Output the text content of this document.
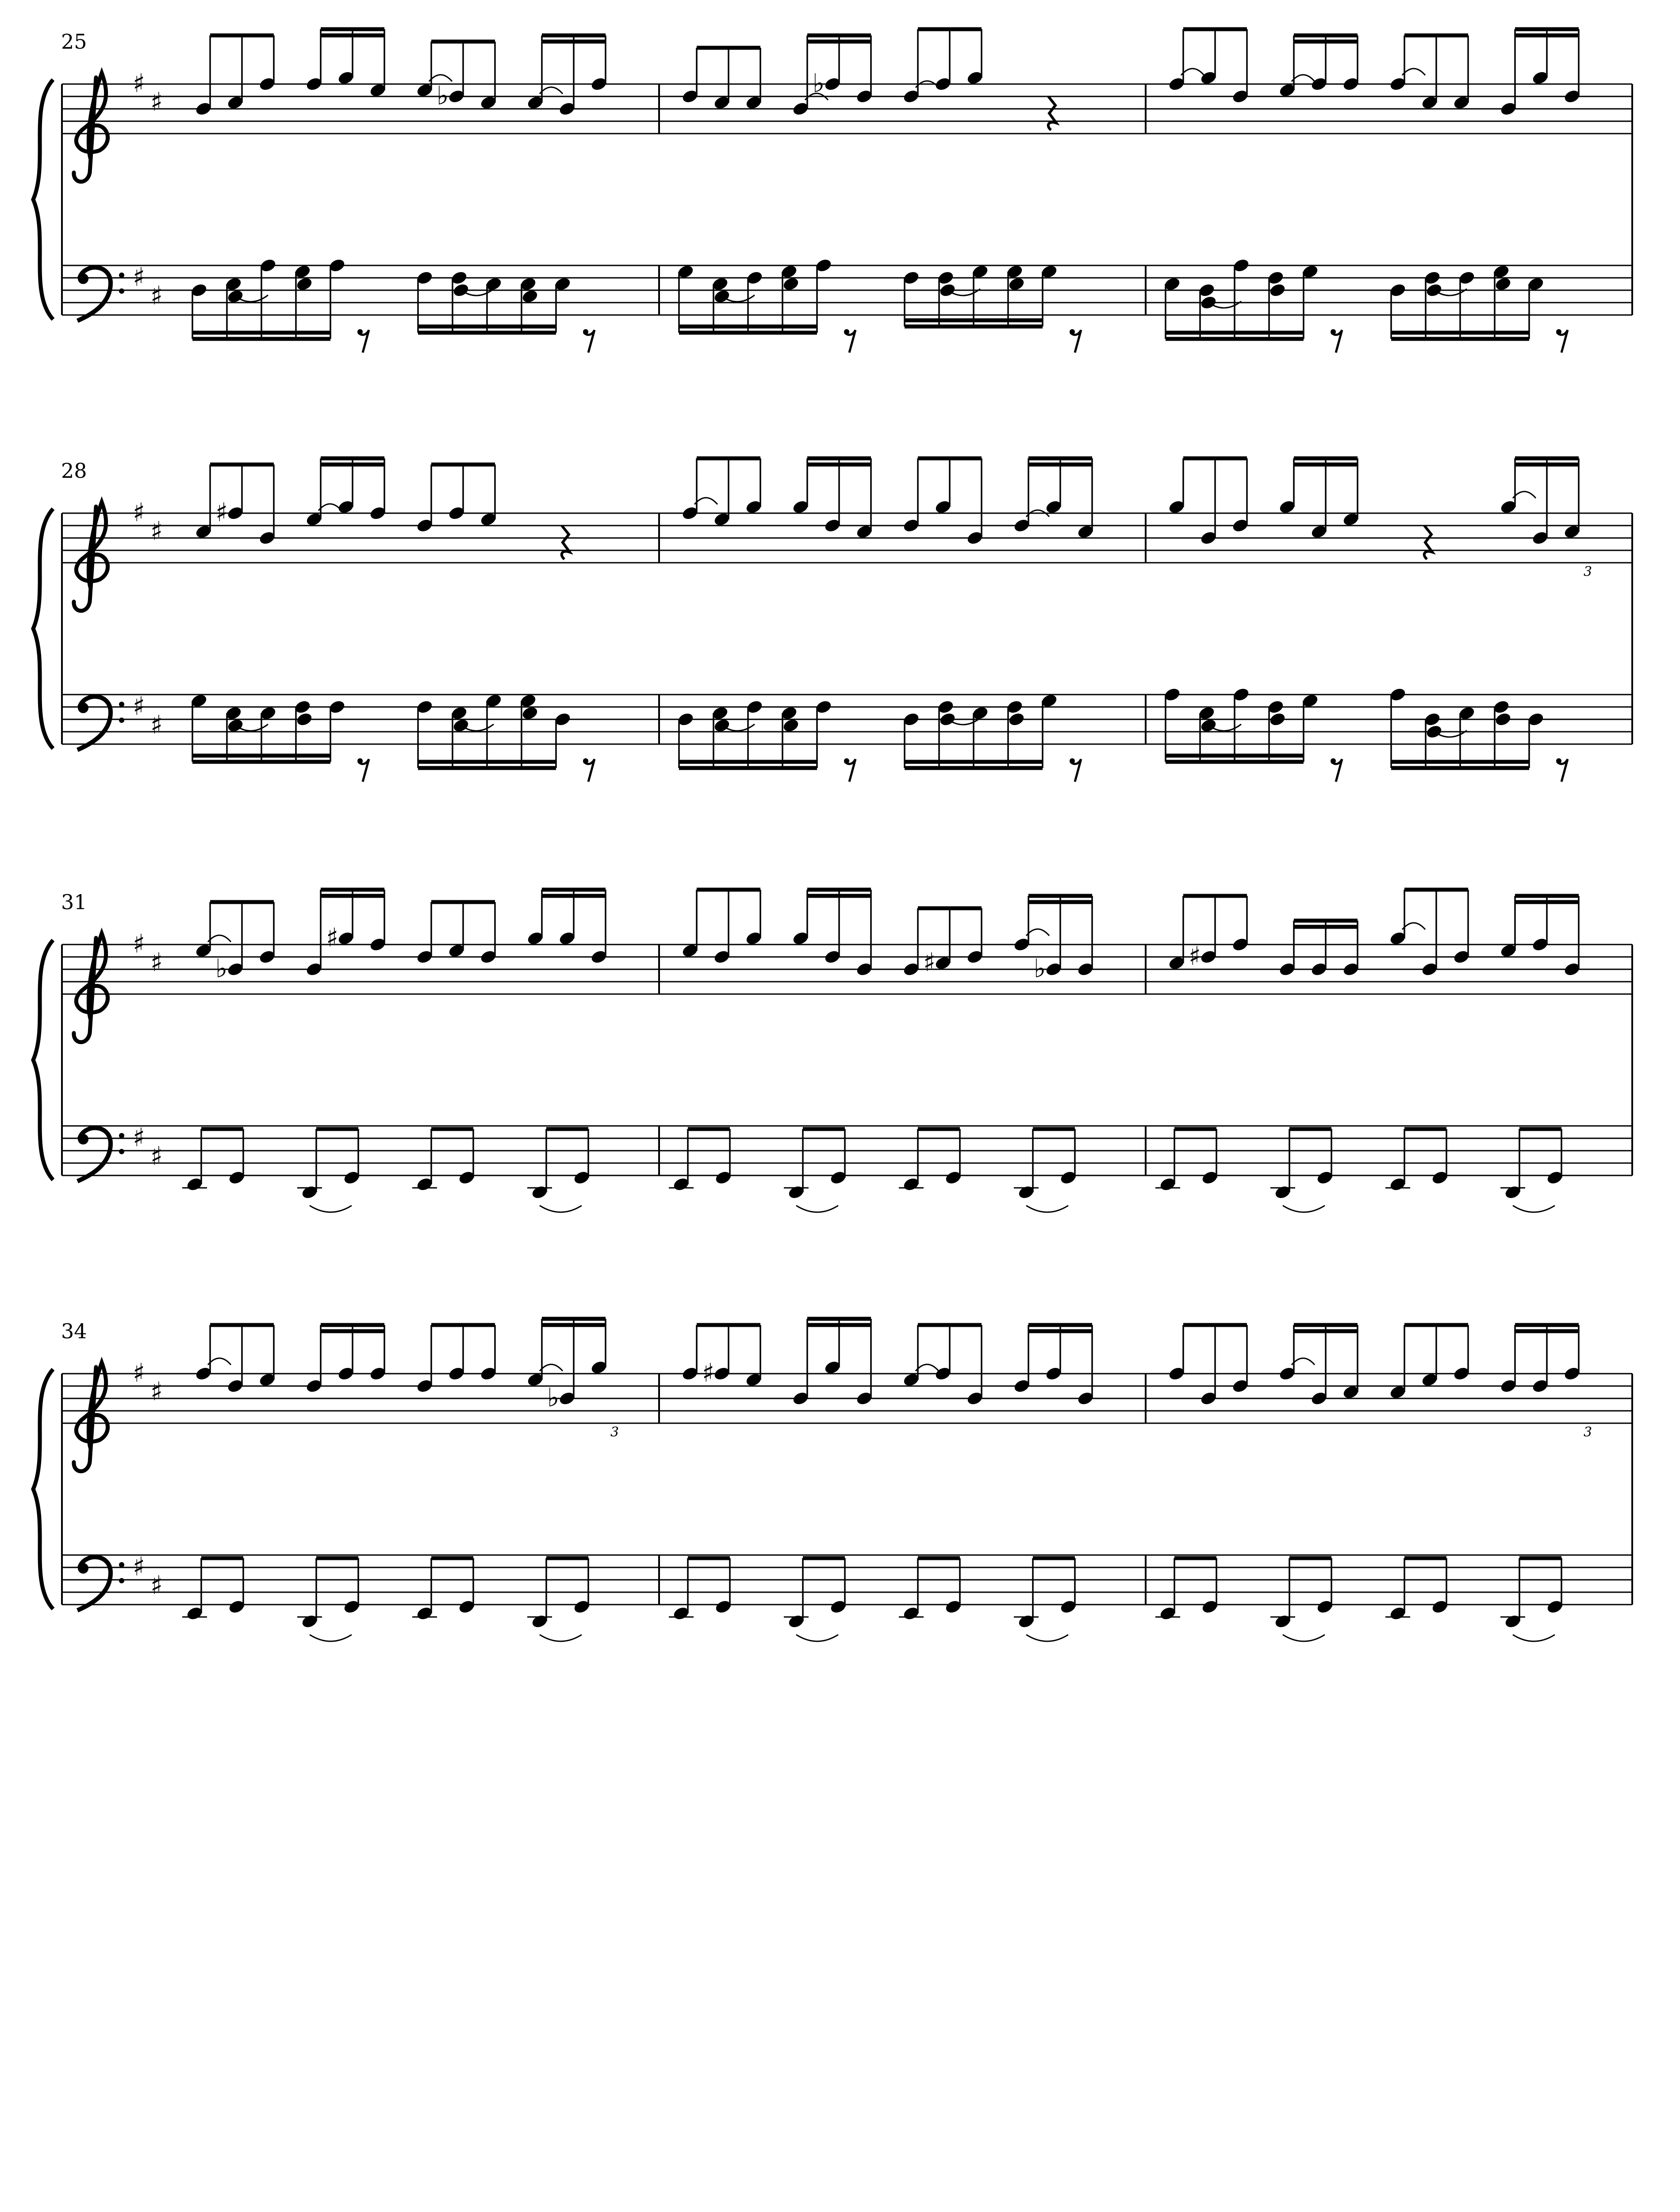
25
♯
♯
♯
♯
♭	♭
28
♯
♯
♯
♯
♯
3
31
♯
♯
♯
♯
♭
♯
♯	♭	♯
34
♯
♯
♯
♯
♭
3
♯
3
